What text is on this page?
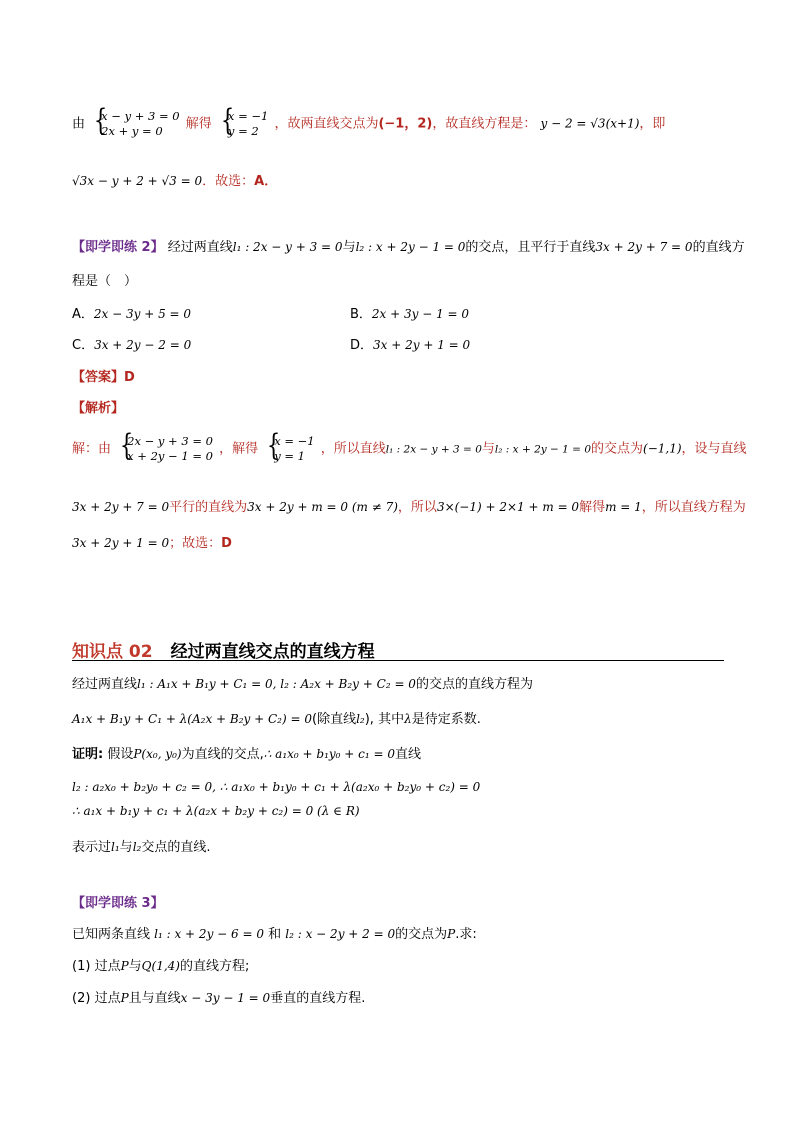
由 {
x − y + 3 = 0
2x + y = 0	解得 {
x = −1
y = 2	，故两直线交点为(−1，2)，故直线方程是： y − 2 = √3(x+1)，即
√3x − y + 2 + √3 = 0．故选：A．
【即学即练 2】 经过两直线l₁ : 2x − y + 3 = 0与l₂ : x + 2y − 1 = 0的交点，且平行于直线3x + 2y + 7 = 0的直线方
程是（　）
A．2x − 3y + 5 = 0	B．2x + 3y − 1 = 0
C．3x + 2y − 2 = 0	D．3x + 2y + 1 = 0
【答案】D
【解析】
解：由 {
2x − y + 3 = 0
x + 2y − 1 = 0 ，解得 {
x = −1
y = 1	，所以直线l₁ : 2x − y + 3 = 0与l₂ : x + 2y − 1 = 0的交点为(−1,1)，设与直线
3x + 2y + 7 = 0平行的直线为3x + 2y + m = 0 (m ≠ 7)，所以3×(−1) + 2×1 + m = 0解得m = 1，所以直线方程为
3x + 2y + 1 = 0；故选：D
知识点 02 经过两直线交点的直线方程
经过两直线l₁ : A₁x + B₁y + C₁ = 0, l₂ : A₂x + B₂y + C₂ = 0的交点的直线方程为
A₁x + B₁y + C₁ + λ(A₂x + B₂y + C₂) = 0(除直线l₂), 其中λ是待定系数.
证明: 假设P(x₀, y₀)为直线的交点,∴ a₁x₀ + b₁y₀ + c₁ = 0直线
l₂ : a₂x₀ + b₂y₀ + c₂ = 0, ∴ a₁x₀ + b₁y₀ + c₁ + λ(a₂x₀ + b₂y₀ + c₂) = 0
∴ a₁x + b₁y + c₁ + λ(a₂x + b₂y + c₂) = 0 (λ ∈ R)
表示过l₁与l₂交点的直线.
【即学即练 3】
已知两条直线 l₁ : x + 2y − 6 = 0 和 l₂ : x − 2y + 2 = 0的交点为P.求:
(1) 过点P与Q(1,4)的直线方程;
(2) 过点P且与直线x − 3y − 1 = 0垂直的直线方程.
